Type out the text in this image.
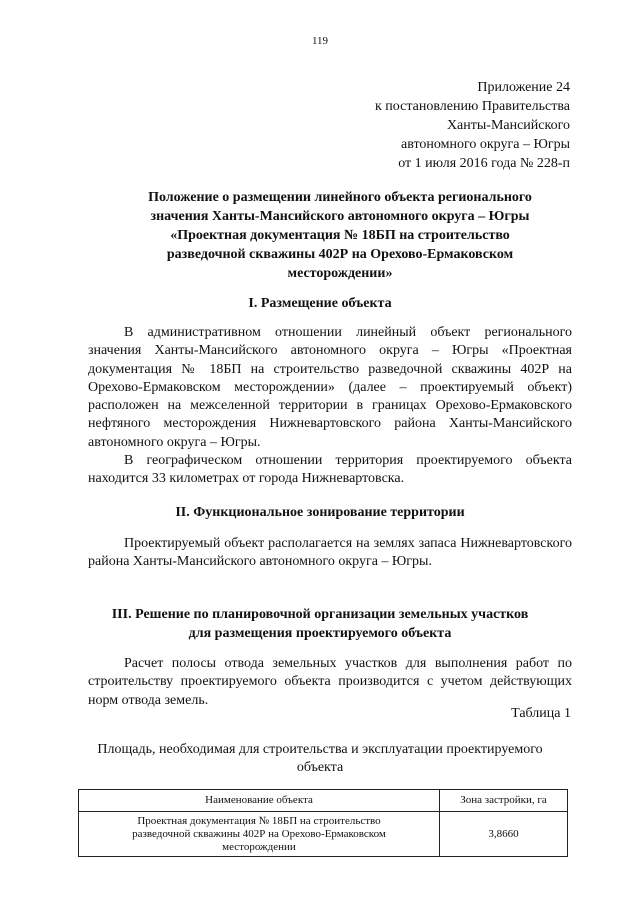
119
Приложение 24
к постановлению Правительства
Ханты-Мансийского
автономного округа – Югры
от 1 июля 2016 года № 228-п
Положение о размещении линейного объекта регионального
значения Ханты-Мансийского автономного округа – Югры
«Проектная документация № 18БП на строительство
разведочной скважины 402Р на Орехово-Ермаковском
месторождении»
I. Размещение объекта

В административном отношении линейный объект регионального значения Ханты-Мансийского автономного округа – Югры «Проектная документация № 18БП на строительство разведочной скважины 402Р на Орехово-Ермаковском месторождении» (далее – проектируемый объект) расположен на межселенной территории в границах Орехово-Ермаковского нефтяного месторождения Нижневартовского района Ханты-Мансийского автономного округа – Югры.

В географическом отношении территория проектируемого объекта находится 33 километрах от города Нижневартовска.

II. Функциональное зонирование территории

Проектируемый объект располагается на землях запаса Нижневартовского района Ханты-Мансийского автономного округа – Югры.

III. Решение по планировочной организации земельных участков
для размещения проектируемого объекта

Расчет полосы отвода земельных участков для выполнения работ по строительству проектируемого объекта производится с учетом действующих норм отвода земель.

Таблица 1
Площадь, необходимая для строительства и эксплуатации проектируемого
объекта
Наименование объекта	Зона застройки, га

Проектная документация № 18БП на строительство
разведочной скважины 402Р на Орехово-Ермаковском
месторождении	3,8660
